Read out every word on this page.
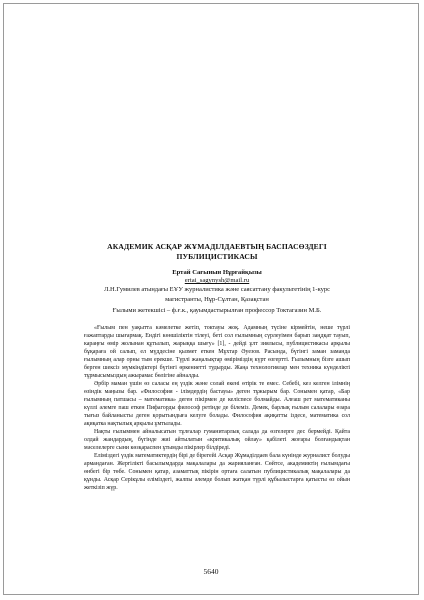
АКАДЕМИК АСҚАР ЖҰМАДІЛДАЕВТЫҢ БАСПАСӨЗДЕГІ
ПУБЛИЦИСТИКАСЫ

Ертай Сағынын Нұрғайқызы

ertai_sagynysh@mail.ru

Л.Н.Гумилев атындағы ЕҰУ журналистика және саясаттану факультетінің 1-курс

магистранты, Нұр-Сұлтан, Қазақстан

Ғылыми жетекшісі – ф.ғ.к., қауымдастырылған профессор Токтагазин М.Б.

«Ғылым пен уақытта кәмелетке жетіп, токтауы жоқ. Адамның түсіне кірмейтін, неше түрлі ғажаптарды шығармақ. Ендігі көншіліктін тілеуі, беті сол ғылымның сүрлеуімен барып заңдқат тауып, караңғы өмір жолынан құтылып, жарыққа шығу» [1], - дейді ұлт зиялысы, публицистикасы арқылы бұқараға ой салып, ел мүддесіне қызмет еткен Мұхтар Әуезов. Расында, бүгінгі заман заманда ғылымның алар орны тым ерекше. Түрлі жаңалықтар өміріміздің күрт өзгертті. Ғылымның бізге ашып берген шексіз мүмкіндіктері бүгінгі өркениетті тудырды. Жаңа технологиялар мен техника күнделікті тұрмысымыздың ажырамас бөлігіне айналды.

Әрбір маман үшін өз саласы ең үздік және солай екені өтірік те емес. Себебі, кез келген ілімнің өзіндік маңызы бар. «Философия - ілімдердің бастауы» деген тұжырым бар. Сонымен қатар, «Бар ғылымның патшасы – математика» деген пікірмен де келіспесе болмайды. Алғаш рет математиканы күллі әлемге паш еткен Пифагорды философ ретінде де білеміз. Демек, барлық ғылым салалары өзара тығыз байланысты деген қорытындыға келуге болады. Философия ақиқатты іздесе, математика сол ақиқатка нақтылық арқылы ұмтылады.

Нақты ғылыммен айналысатын тұлғалар гуманитарлық салада да өзгелерге дес бермейді. Қайта олдай жандардың, бүгінде жиі айтылатын «критикалық ойлау» қабілеті жоғары болғандықтан мәселелерге сыни көзқараспен ұтымды пікірлер білдіреді.

Еліміздегі үздік математиктердің бірі де бірегейі Асқар Жұмаділдаев бала күнінде журналист болуды армандаған. Жергілікті басылымдарда мақалалары да жарияланған. Сөйтсе, академиктің ғылымдағы өнбегі бір төбе. Сонымен қатар, азаматтық пікірін ортаға салатын публицистикалық мақалалары да құнды. Асқар Серікұлы еліміздегі, жалпы әлемде болып жатқан түрлі құбылыстарға қатысты өз ойын жеткізіп жүр.

5640
